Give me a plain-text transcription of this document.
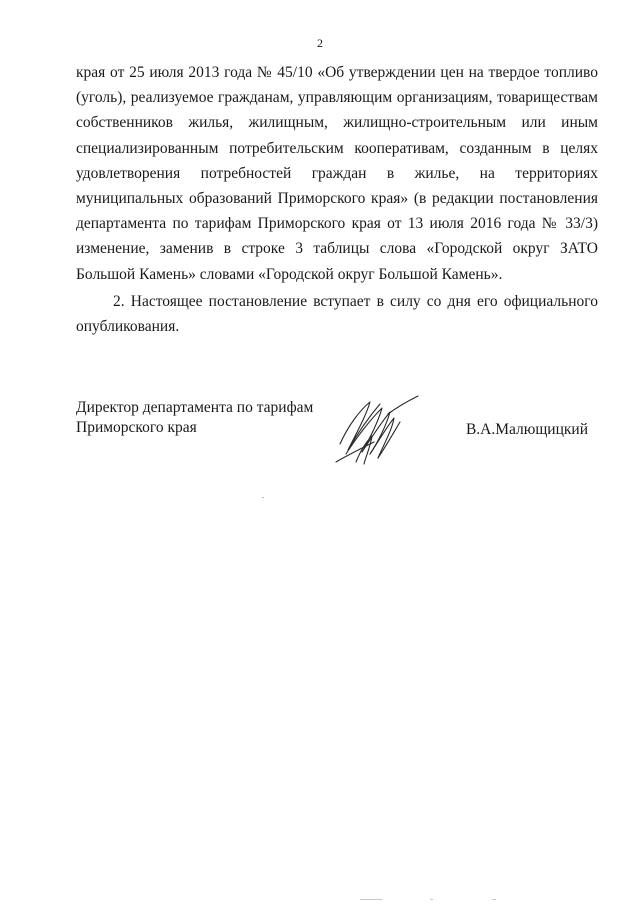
2

края от 25 июля 2013 года № 45/10 «Об утверждении цен на твердое топливо (уголь), реализуемое гражданам, управляющим организациям, товариществам собственников жилья, жилищным, жилищно-строительным или иным специализированным потребительским кооперативам, созданным в целях удовлетворения потребностей граждан в жилье, на территориях муниципальных образований Приморского края» (в редакции постановления департамента по тарифам Приморского края от 13 июля 2016 года № 33/3) изменение, заменив в строке 3 таблицы слова «Городской округ ЗАТО Большой Камень» словами «Городской округ Большой Камень».

2. Настоящее постановление вступает в силу со дня его официального опубликования.

Директор департамента по тарифам
Приморского края	В.А.Малющицкий
